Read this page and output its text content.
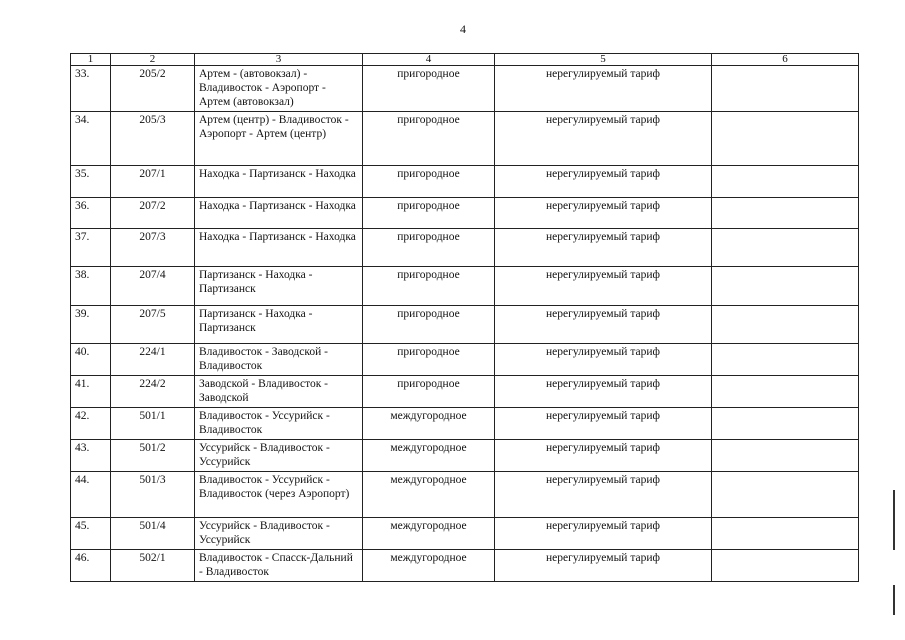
4
1	2	3	4	5	6
33.	205/2	Артем - (автовокзал) - Владивосток - Аэропорт - Артем (автовокзал)	пригородное	нерегулируемый тариф	
34.	205/3	Артем (центр) - Владивосток - Аэропорт - Артем (центр)	пригородное	нерегулируемый тариф	
35.	207/1	Находка - Партизанск - Находка	пригородное	нерегулируемый тариф	
36.	207/2	Находка - Партизанск - Находка	пригородное	нерегулируемый тариф	
37.	207/3	Находка - Партизанск - Находка	пригородное	нерегулируемый тариф	
38.	207/4	Партизанск - Находка - Партизанск	пригородное	нерегулируемый тариф	
39.	207/5	Партизанск - Находка - Партизанск	пригородное	нерегулируемый тариф	
40.	224/1	Владивосток - Заводской - Владивосток	пригородное	нерегулируемый тариф	
41.	224/2	Заводской - Владивосток - Заводской	пригородное	нерегулируемый тариф	
42.	501/1	Владивосток - Уссурийск - Владивосток	междугородное	нерегулируемый тариф	
43.	501/2	Уссурийск - Владивосток - Уссурийск	междугородное	нерегулируемый тариф	
44.	501/3	Владивосток - Уссурийск - Владивосток (через Аэропорт)	междугородное	нерегулируемый тариф	
45.	501/4	Уссурийск - Владивосток - Уссурийск	междугородное	нерегулируемый тариф	
46.	502/1	Владивосток - Спасск-Дальний - Владивосток	междугородное	нерегулируемый тариф	
